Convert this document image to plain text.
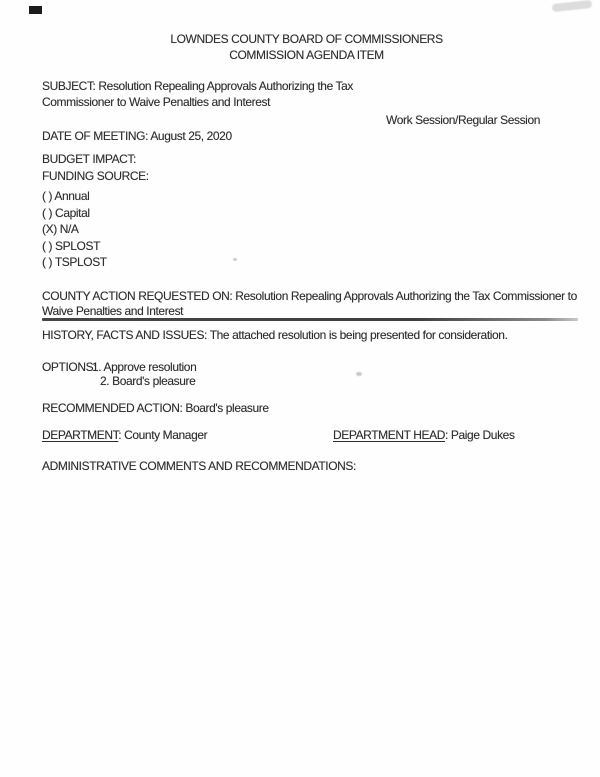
LOWNDES COUNTY BOARD OF COMMISSIONERS
COMMISSION AGENDA ITEM
SUBJECT: Resolution Repealing Approvals Authorizing the Tax
Commissioner to Waive Penalties and Interest
Work Session/Regular Session
DATE OF MEETING: August 25, 2020
BUDGET IMPACT:
FUNDING SOURCE:
( ) Annual
( ) Capital
(X) N/A
( ) SPLOST
( ) TSPLOST
COUNTY ACTION REQUESTED ON: Resolution Repealing Approvals Authorizing the Tax Commissioner to
Waive Penalties and Interest
HISTORY, FACTS AND ISSUES: The attached resolution is being presented for consideration.
OPTIONS:
1. Approve resolution
2. Board's pleasure
RECOMMENDED ACTION: Board's pleasure
DEPARTMENT: County Manager	DEPARTMENT HEAD: Paige Dukes
ADMINISTRATIVE COMMENTS AND RECOMMENDATIONS:
